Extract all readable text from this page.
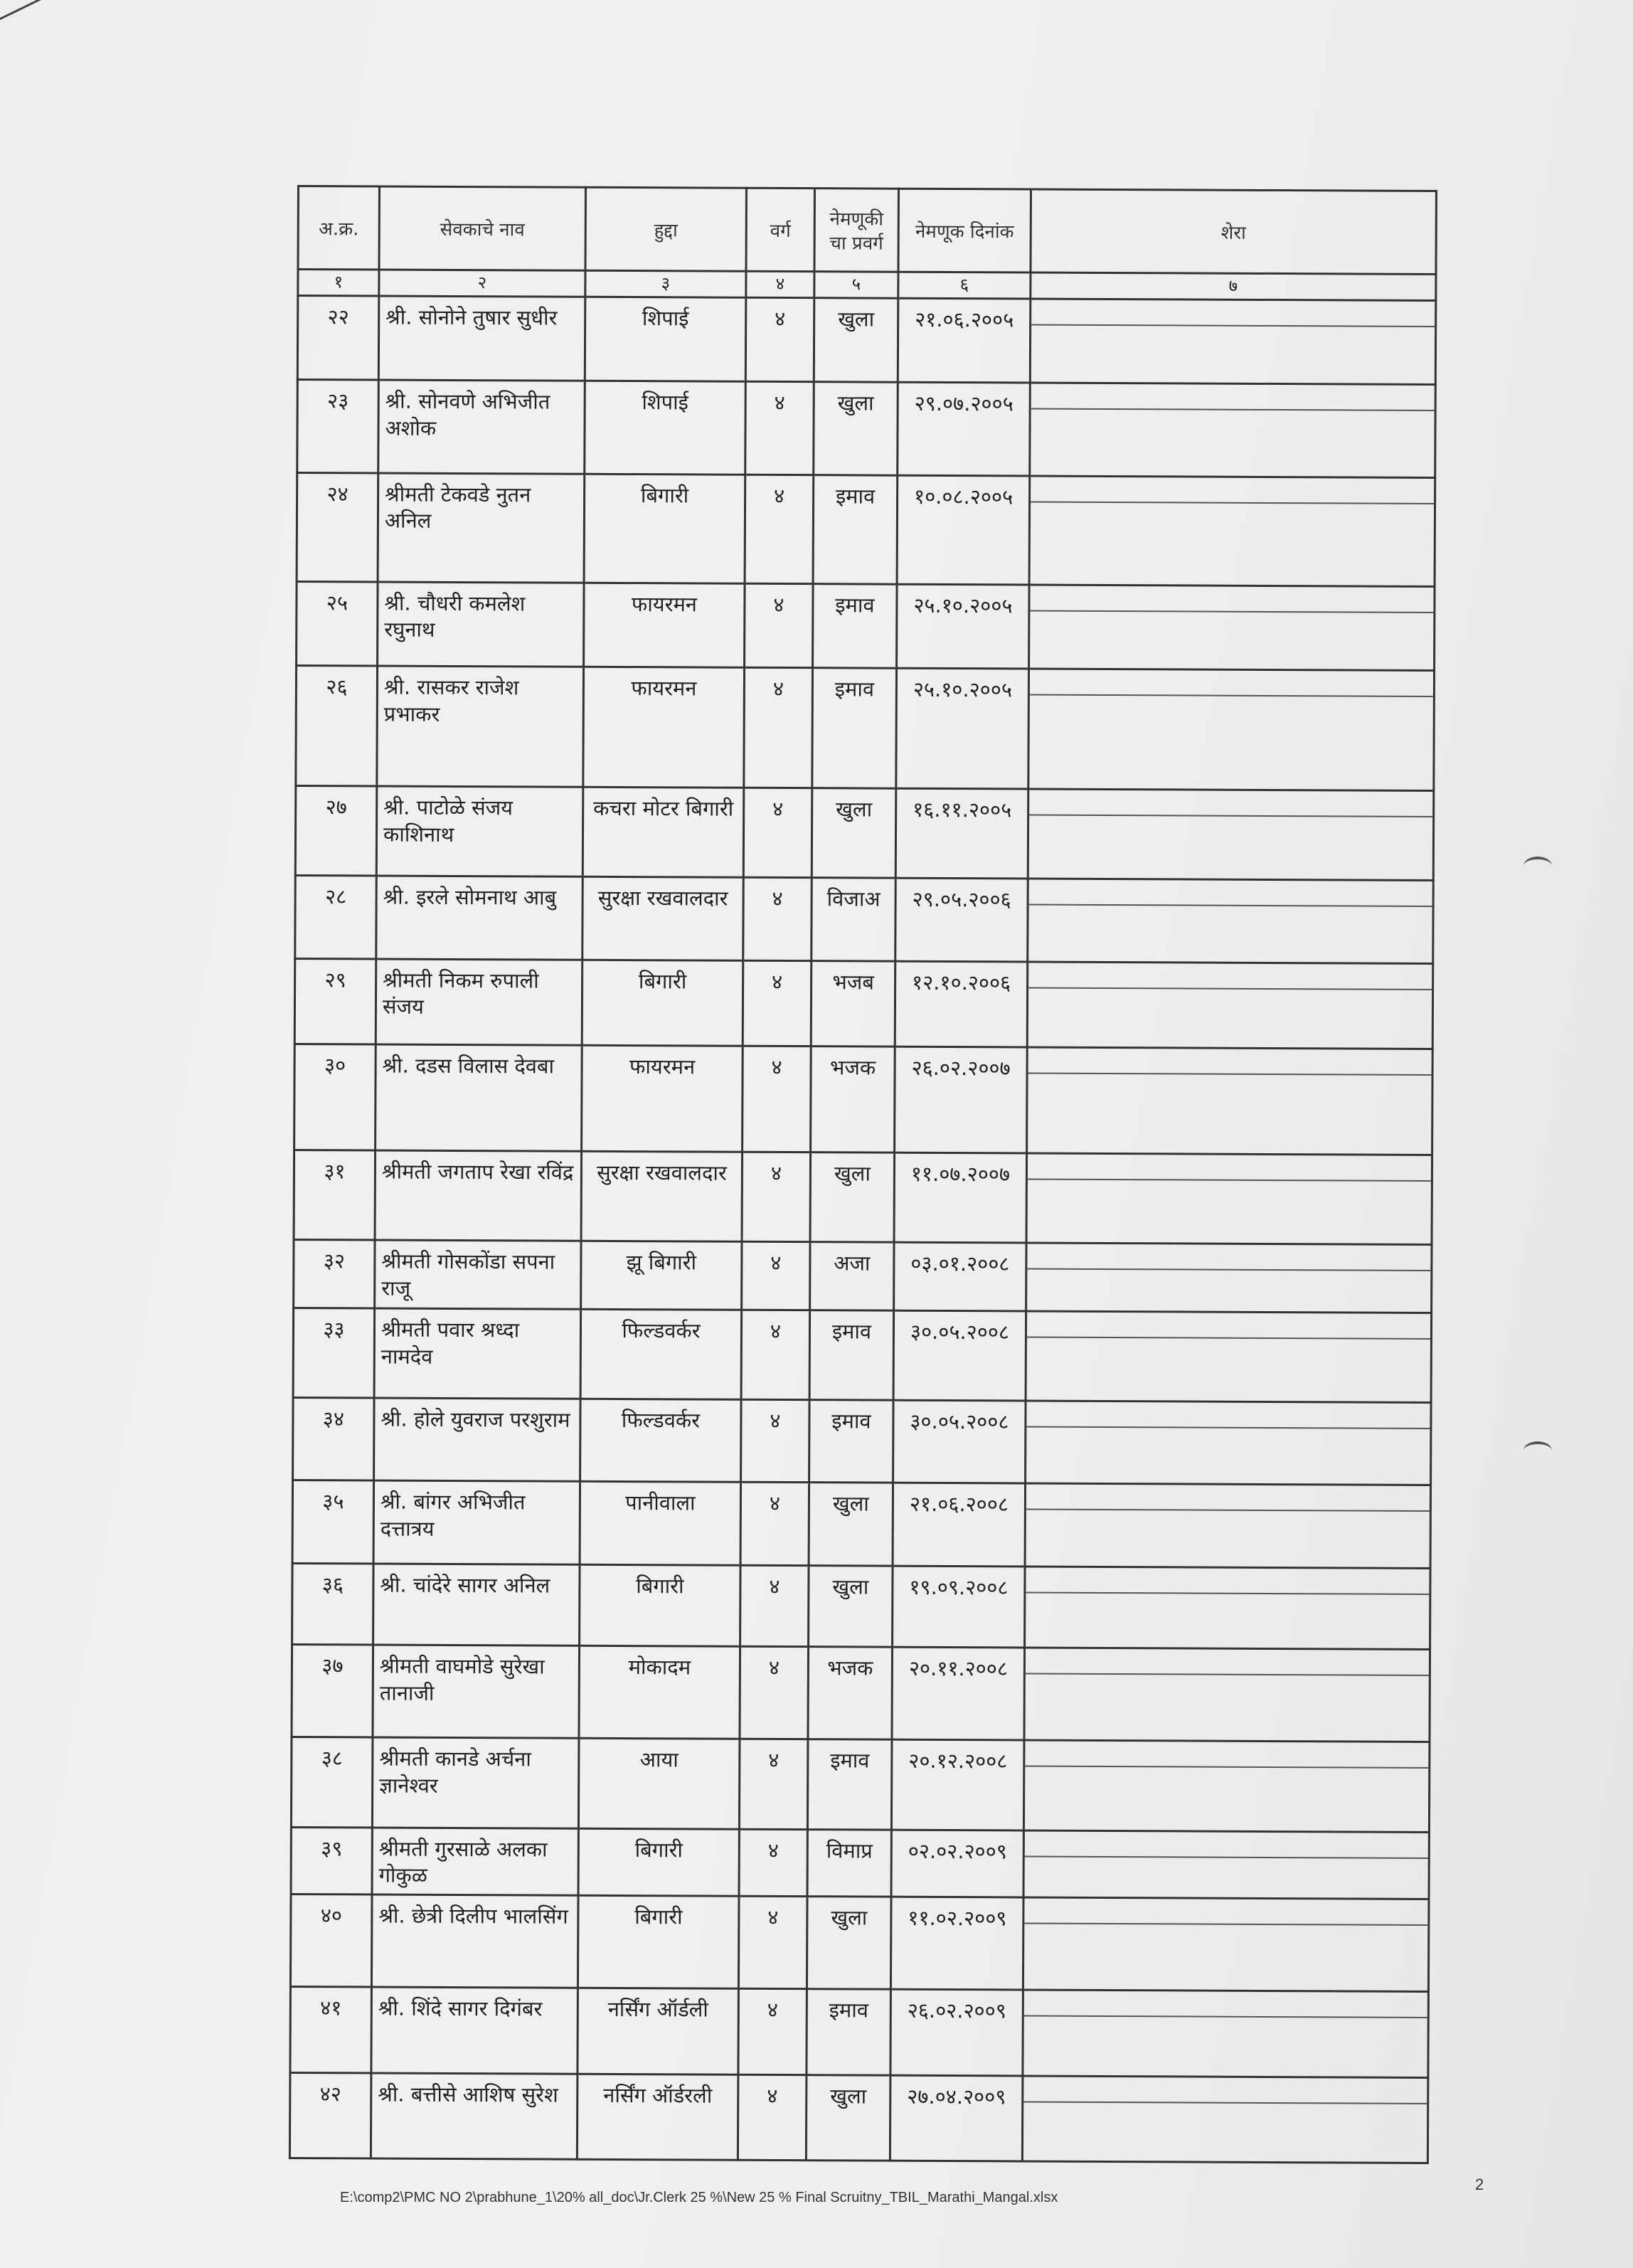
अ.क्र.	सेवकाचे नाव	हुद्दा	वर्ग	नेमणूकी चा प्रवर्ग	नेमणूक दिनांक	शेरा
१	२	३	४	५	६	७
२२	श्री. सोनोने तुषार सुधीर	शिपाई	४	खुला	२१.०६.२००५	

२३	श्री. सोनवणे अभिजीत अशोक	शिपाई	४	खुला	२९.०७.२००५	

२४	श्रीमती टेकवडे नुतन अनिल	बिगारी	४	इमाव	१०.०८.२००५	

२५	श्री. चौधरी कमलेश रघुनाथ	फायरमन	४	इमाव	२५.१०.२००५	

२६	श्री. रासकर राजेश प्रभाकर	फायरमन	४	इमाव	२५.१०.२००५	

२७	श्री. पाटोळे संजय काशिनाथ	कचरा मोटर बिगारी	४	खुला	१६.११.२००५	

२८	श्री. इरले सोमनाथ आबु	सुरक्षा रखवालदार	४	विजाअ	२९.०५.२००६	

२९	श्रीमती निकम रुपाली संजय	बिगारी	४	भजब	१२.१०.२००६	

३०	श्री. दडस विलास देवबा	फायरमन	४	भजक	२६.०२.२००७	

३१	श्रीमती जगताप रेखा रविंद्र	सुरक्षा रखवालदार	४	खुला	११.०७.२००७	

३२	श्रीमती गोसकोंडा सपना राजू	झू बिगारी	४	अजा	०३.०१.२००८	

३३	श्रीमती पवार श्रध्दा नामदेव	फिल्डवर्कर	४	इमाव	३०.०५.२००८	

३४	श्री. होले युवराज परशुराम	फिल्डवर्कर	४	इमाव	३०.०५.२००८	

३५	श्री. बांगर अभिजीत दत्तात्रय	पानीवाला	४	खुला	२१.०६.२००८	

३६	श्री. चांदेरे सागर अनिल	बिगारी	४	खुला	१९.०९.२००८	

३७	श्रीमती वाघमोडे सुरेखा तानाजी	मोकादम	४	भजक	२०.११.२००८	

३८	श्रीमती कानडे अर्चना ज्ञानेश्वर	आया	४	इमाव	२०.१२.२००८	

३९	श्रीमती गुरसाळे अलका गोकुळ	बिगारी	४	विमाप्र	०२.०२.२००९	

४०	श्री. छेत्री दिलीप भालसिंग	बिगारी	४	खुला	११.०२.२००९	

४१	श्री. शिंदे सागर दिगंबर	नर्सिंग ऑर्डली	४	इमाव	२६.०२.२००९	

४२	श्री. बत्तीसे आशिष सुरेश	नर्सिंग ऑर्डरली	४	खुला	२७.०४.२००९	
E:\comp2\PMC NO 2\prabhune_1\20% all_doc\Jr.Clerk 25 %\New 25 % Final Scruitny_TBIL_Marathi_Mangal.xlsx
2
